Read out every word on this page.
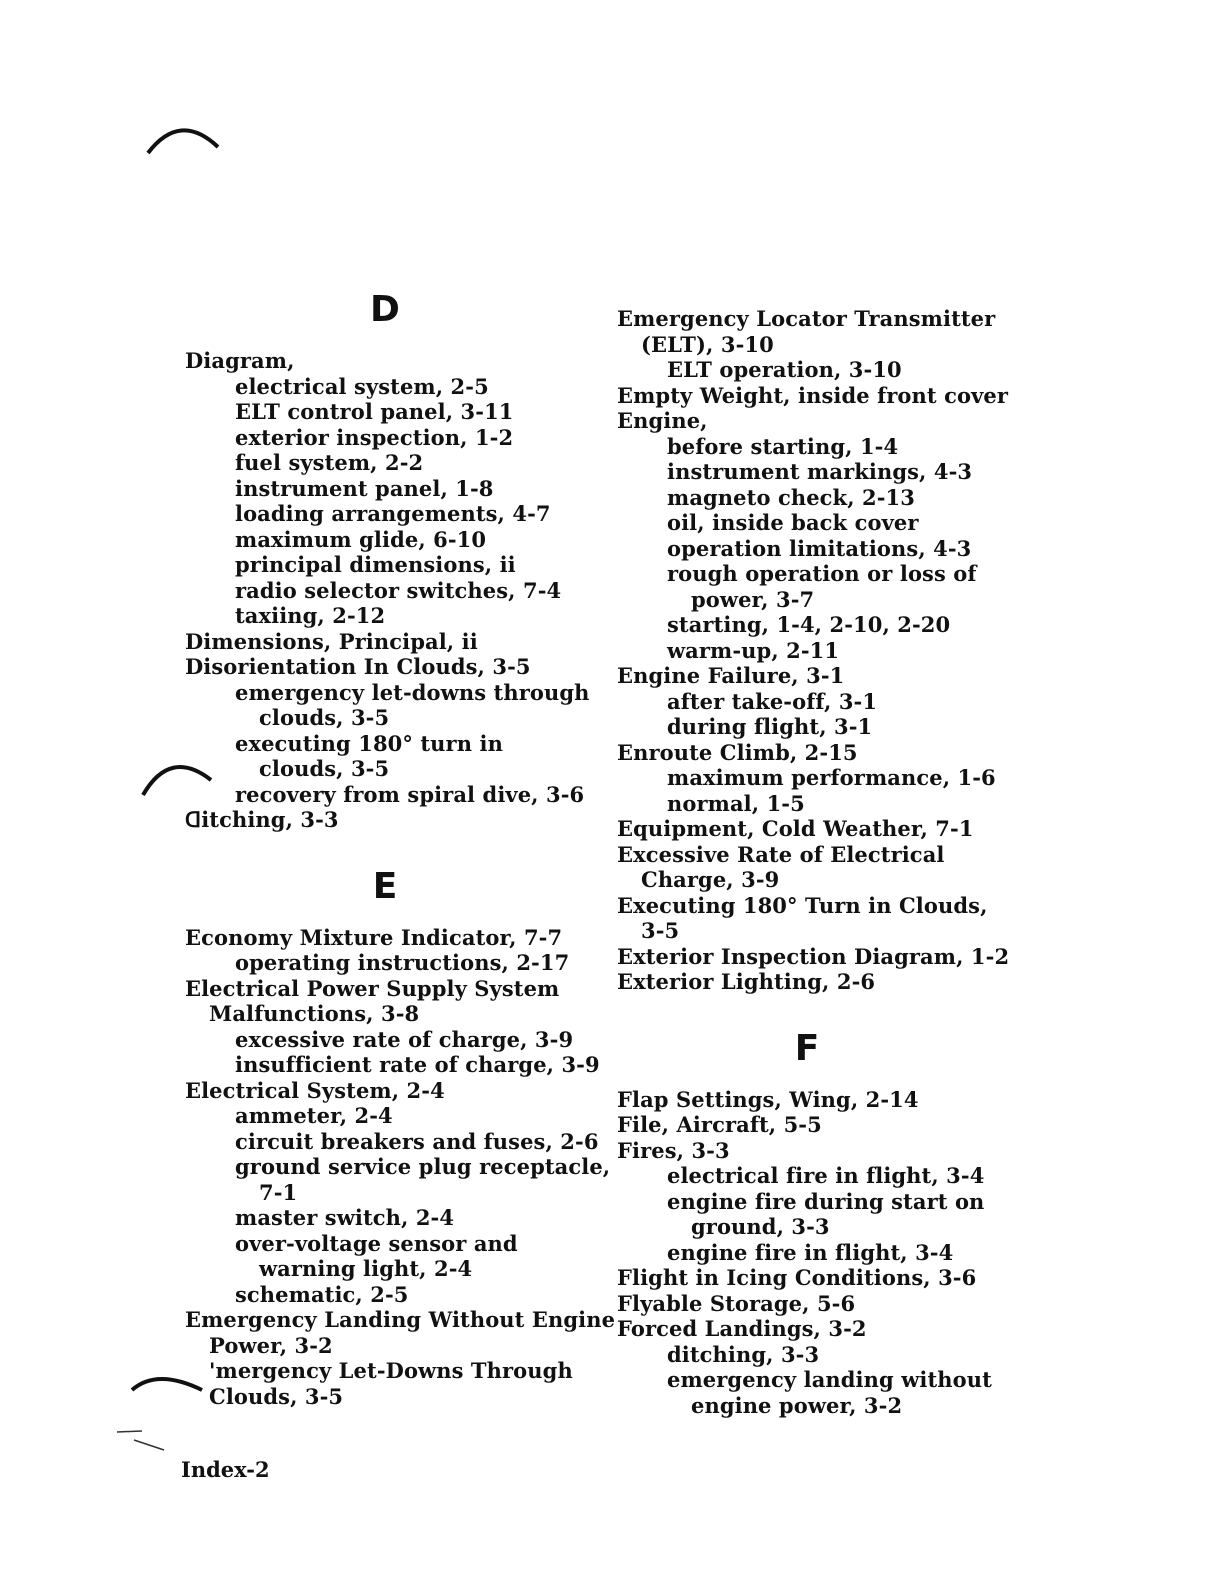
D
Diagram,
electrical system, 2-5
ELT control panel, 3-11
exterior inspection, 1-2
fuel system, 2-2
instrument panel, 1-8
loading arrangements, 4-7
maximum glide, 6-10
principal dimensions, ii
radio selector switches, 7-4
taxiing, 2-12
Dimensions, Principal, ii
Disorientation In Clouds, 3-5
emergency let-downs through
clouds, 3-5
executing 180° turn in
clouds, 3-5
recovery from spiral dive, 3-6
ꓷitching, 3-3
E
Economy Mixture Indicator, 7-7
operating instructions, 2-17
Electrical Power Supply System
Malfunctions, 3-8
excessive rate of charge, 3-9
insufficient rate of charge, 3-9
Electrical System, 2-4
ammeter, 2-4
circuit breakers and fuses, 2-6
ground service plug receptacle,
7-1
master switch, 2-4
over-voltage sensor and
warning light, 2-4
schematic, 2-5
Emergency Landing Without Engine
Power, 3-2
'mergency Let-Downs Through
Clouds, 3-5
Emergency Locator Transmitter
(ELT), 3-10
ELT operation, 3-10
Empty Weight, inside front cover
Engine,
before starting, 1-4
instrument markings, 4-3
magneto check, 2-13
oil, inside back cover
operation limitations, 4-3
rough operation or loss of
power, 3-7
starting, 1-4, 2-10, 2-20
warm-up, 2-11
Engine Failure, 3-1
after take-off, 3-1
during flight, 3-1
Enroute Climb, 2-15
maximum performance, 1-6
normal, 1-5
Equipment, Cold Weather, 7-1
Excessive Rate of Electrical
Charge, 3-9
Executing 180° Turn in Clouds,
3-5
Exterior Inspection Diagram, 1-2
Exterior Lighting, 2-6
F
Flap Settings, Wing, 2-14
File, Aircraft, 5-5
Fires, 3-3
electrical fire in flight, 3-4
engine fire during start on
ground, 3-3
engine fire in flight, 3-4
Flight in Icing Conditions, 3-6
Flyable Storage, 5-6
Forced Landings, 3-2
ditching, 3-3
emergency landing without
engine power, 3-2
Index-2
